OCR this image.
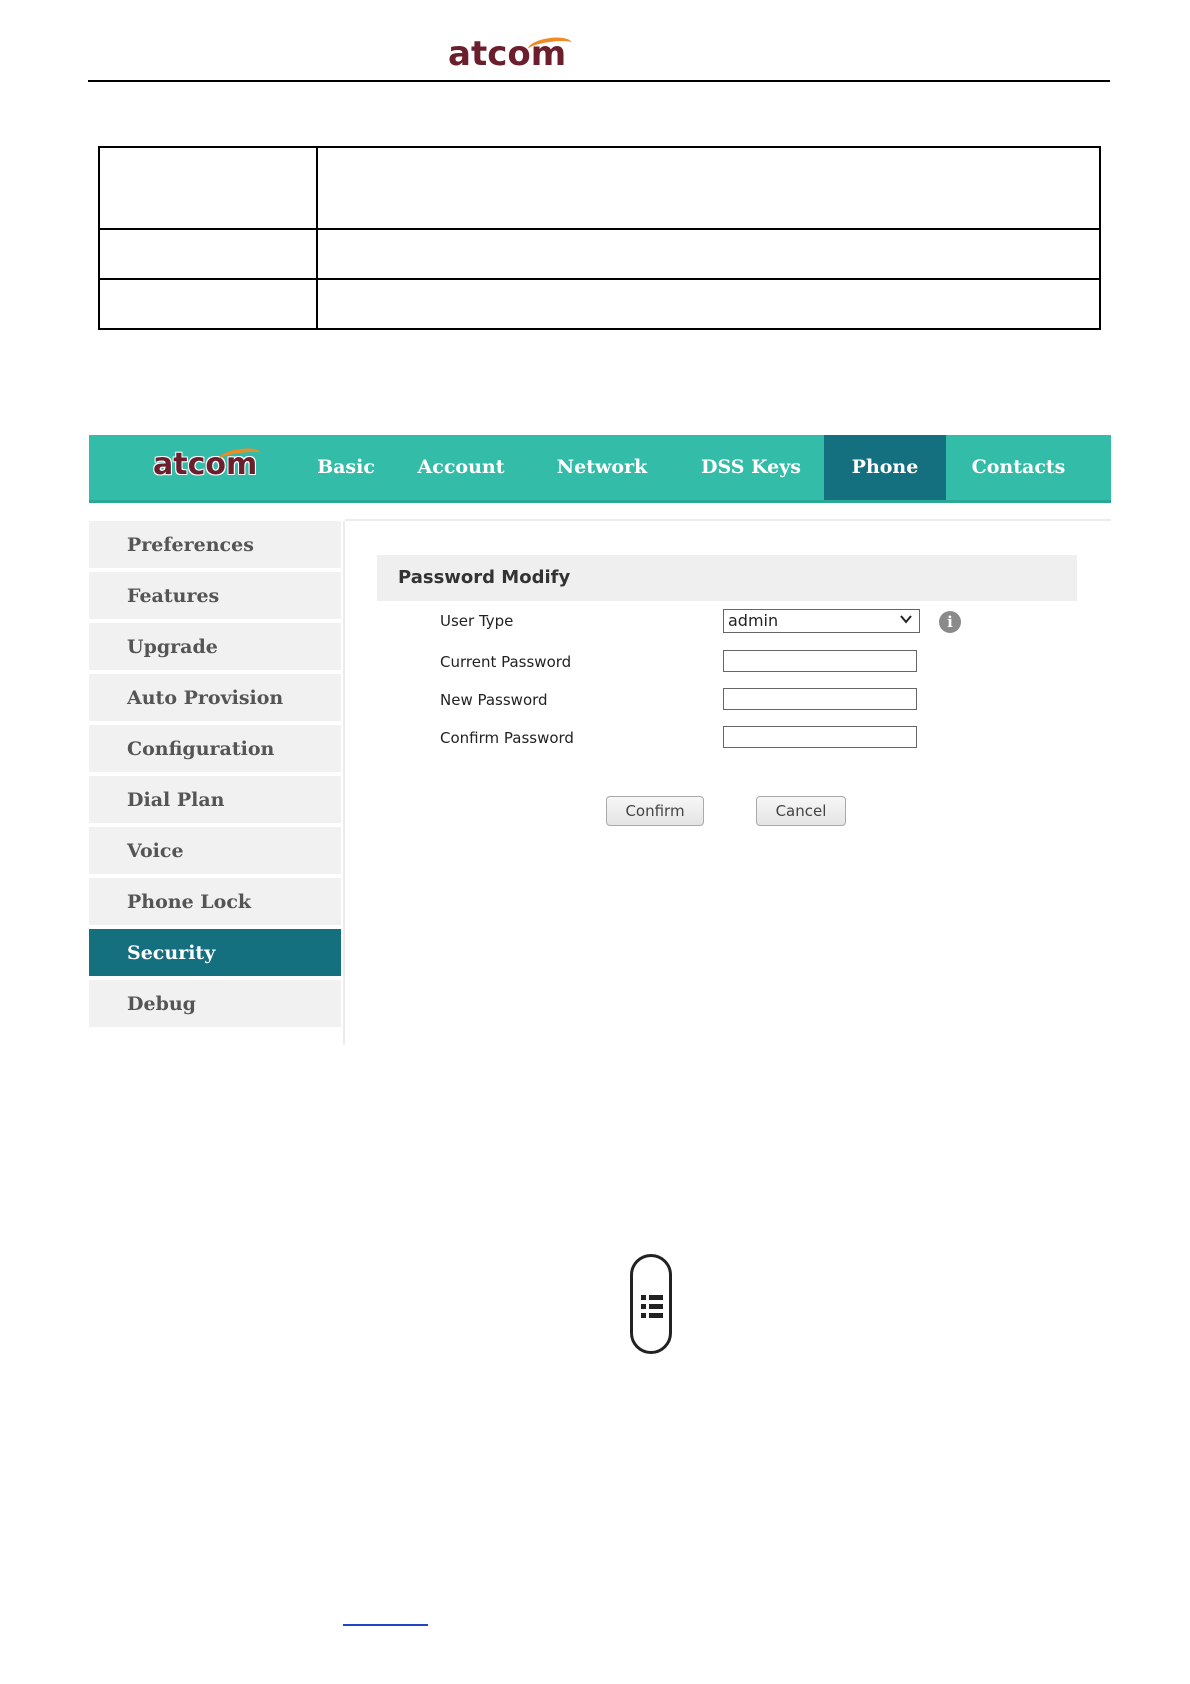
atcom

atcom	Basic	Account	Network	DSS Keys	Phone	Contacts
Preferences
Features
Upgrade
Auto Provision
Configuration
Dial Plan
Voice
Phone Lock
Security
Debug
Password Modify
User Type	admin	i
Current Password
New Password
Confirm Password
Confirm	Cancel
